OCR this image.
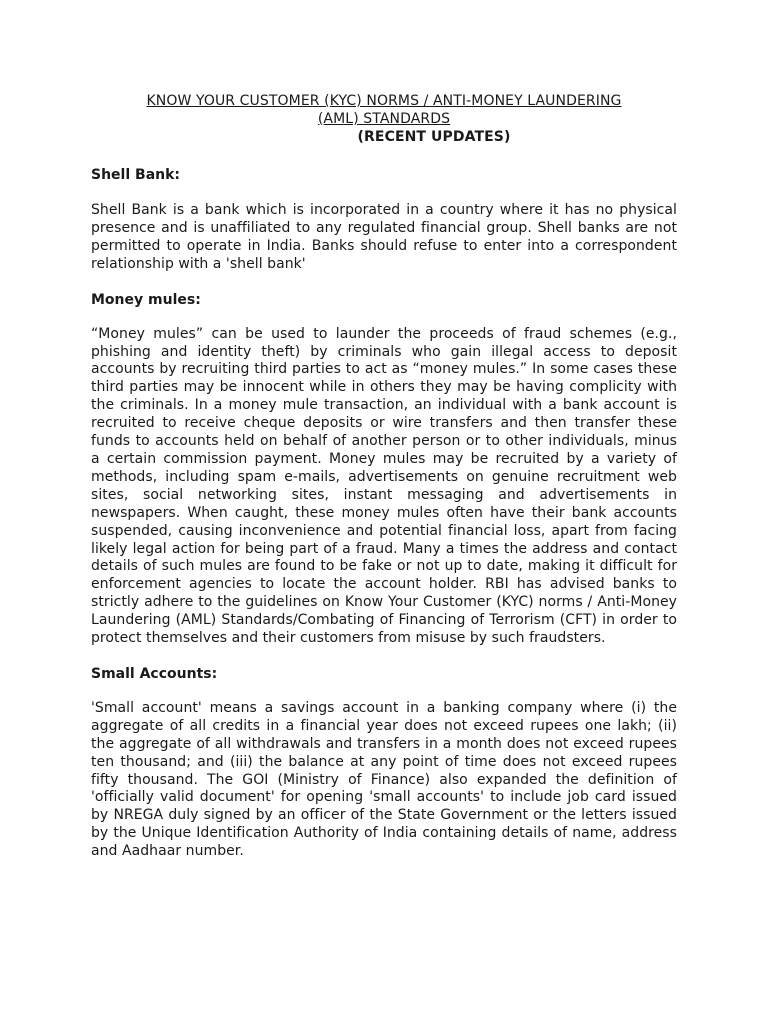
KNOW YOUR CUSTOMER (KYC) NORMS / ANTI-MONEY LAUNDERING
(AML) STANDARDS
(RECENT UPDATES)
Shell Bank:

Shell Bank is a bank which is incorporated in a country where it has no physical presence and is unaffiliated to any regulated financial group. Shell banks are not permitted to operate in India. Banks should refuse to enter into a correspondent relationship with a 'shell bank'

Money mules:

“Money mules” can be used to launder the proceeds of fraud schemes (e.g., phishing and identity theft) by criminals who gain illegal access to deposit accounts by recruiting third parties to act as “money mules.” In some cases these third parties may be innocent while in others they may be having complicity with the criminals. In a money mule transaction, an individual with a bank account is recruited to receive cheque deposits or wire transfers and then transfer these funds to accounts held on behalf of another person or to other individuals, minus a certain commission payment. Money mules may be recruited by a variety of methods, including spam e-mails, advertisements on genuine recruitment web sites, social networking sites, instant messaging and advertisements in newspapers. When caught, these money mules often have their bank accounts suspended, causing inconvenience and potential financial loss, apart from facing likely legal action for being part of a fraud. Many a times the address and contact details of such mules are found to be fake or not up to date, making it difficult for enforcement agencies to locate the account holder. RBI has advised banks to strictly adhere to the guidelines on Know Your Customer (KYC) norms / Anti-Money Laundering (AML) Standards/Combating of Financing of Terrorism (CFT) in order to protect themselves and their customers from misuse by such fraudsters.

Small Accounts:

'Small account' means a savings account in a banking company where (i) the aggregate of all credits in a financial year does not exceed rupees one lakh; (ii) the aggregate of all withdrawals and transfers in a month does not exceed rupees ten thousand; and (iii) the balance at any point of time does not exceed rupees fifty thousand. The GOI (Ministry of Finance) also expanded the definition of 'officially valid document' for opening 'small accounts' to include job card issued by NREGA duly signed by an officer of the State Government or the letters issued by the Unique Identification Authority of India containing details of name, address and Aadhaar number.
